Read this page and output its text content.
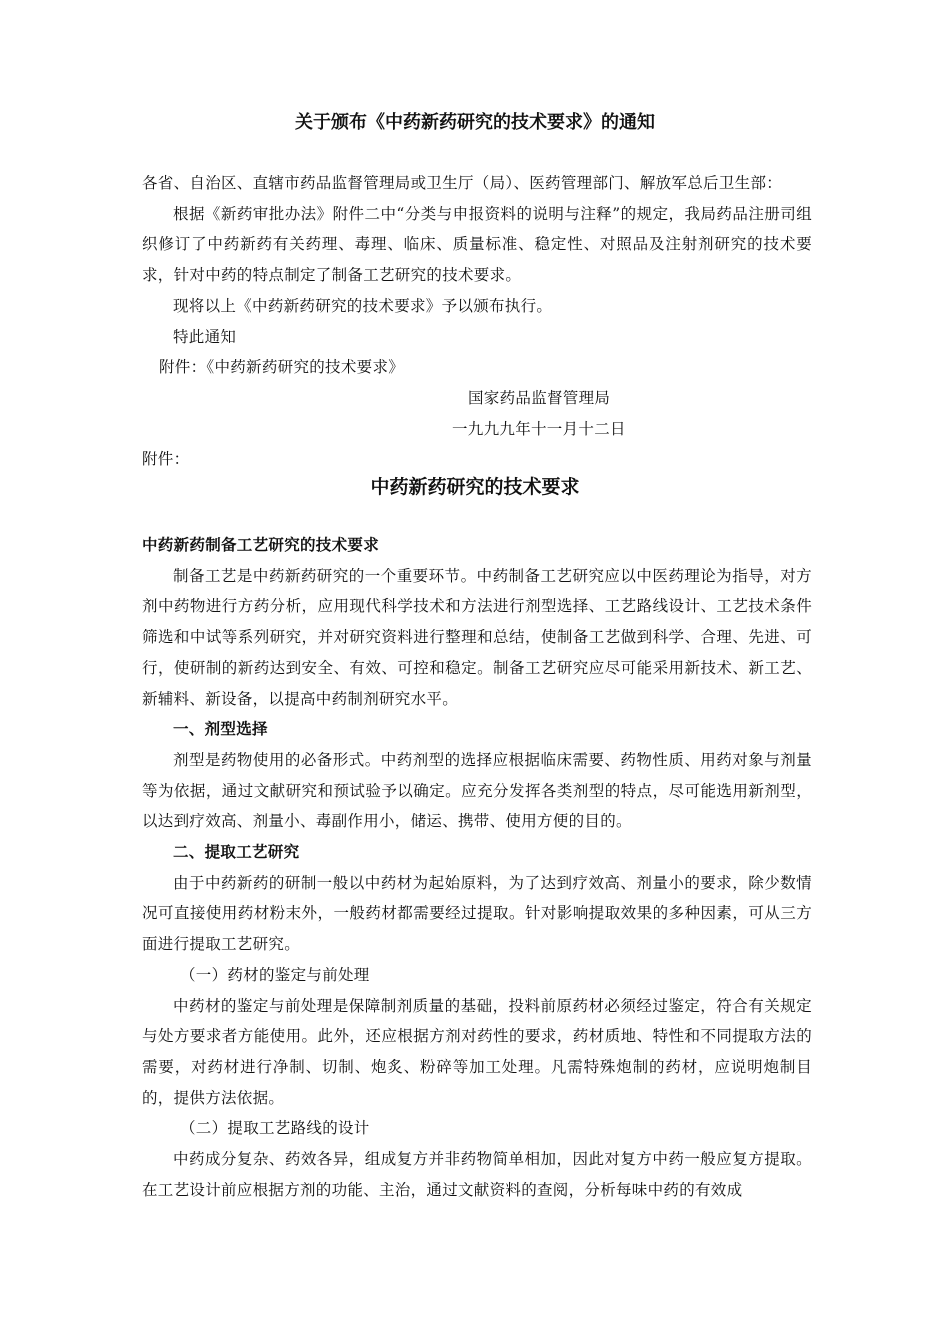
关于颁布《中药新药研究的技术要求》的通知

各省、自治区、直辖市药品监督管理局或卫生厅（局）、医药管理部门、解放军总后卫生部：

根据《新药审批办法》附件二中“分类与申报资料的说明与注释”的规定，我局药品注册司组织修订了中药新药有关药理、毒理、临床、质量标准、稳定性、对照品及注射剂研究的技术要求，针对中药的特点制定了制备工艺研究的技术要求。

现将以上《中药新药研究的技术要求》予以颁布执行。

特此通知

附件：《中药新药研究的技术要求》

国家药品监督管理局

一九九九年十一月十二日

附件：

中药新药研究的技术要求

中药新药制备工艺研究的技术要求

制备工艺是中药新药研究的一个重要环节。中药制备工艺研究应以中医药理论为指导，对方剂中药物进行方药分析，应用现代科学技术和方法进行剂型选择、工艺路线设计、工艺技术条件筛选和中试等系列研究，并对研究资料进行整理和总结，使制备工艺做到科学、合理、先进、可行，使研制的新药达到安全、有效、可控和稳定。制备工艺研究应尽可能采用新技术、新工艺、新辅料、新设备，以提高中药制剂研究水平。

一、剂型选择

剂型是药物使用的必备形式。中药剂型的选择应根据临床需要、药物性质、用药对象与剂量等为依据，通过文献研究和预试验予以确定。应充分发挥各类剂型的特点，尽可能选用新剂型，以达到疗效高、剂量小、毒副作用小，储运、携带、使用方便的目的。

二、提取工艺研究

由于中药新药的研制一般以中药材为起始原料，为了达到疗效高、剂量小的要求，除少数情况可直接使用药材粉末外，一般药材都需要经过提取。针对影响提取效果的多种因素，可从三方面进行提取工艺研究。

（一）药材的鉴定与前处理

中药材的鉴定与前处理是保障制剂质量的基础，投料前原药材必须经过鉴定，符合有关规定与处方要求者方能使用。此外，还应根据方剂对药性的要求，药材质地、特性和不同提取方法的需要，对药材进行净制、切制、炮炙、粉碎等加工处理。凡需特殊炮制的药材，应说明炮制目的，提供方法依据。

（二）提取工艺路线的设计

中药成分复杂、药效各异，组成复方并非药物简单相加，因此对复方中药一般应复方提取。在工艺设计前应根据方剂的功能、主治，通过文献资料的查阅，分析每味中药的有效成
